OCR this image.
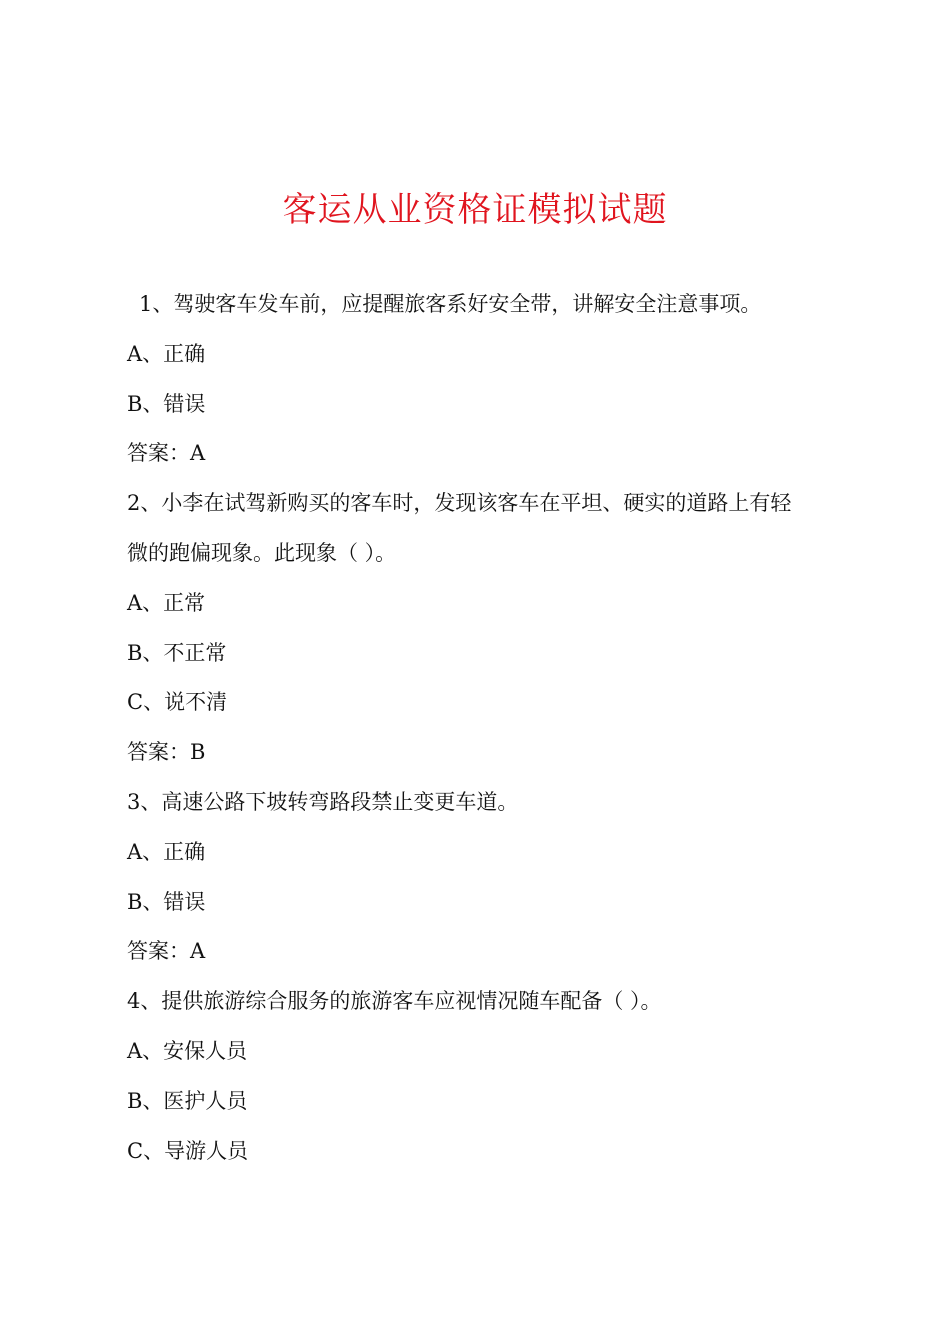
客运从业资格证模拟试题

1、驾驶客车发车前，应提醒旅客系好安全带，讲解安全注意事项。

A、正确

B、错误

答案：A

2、小李在试驾新购买的客车时，发现该客车在平坦、硬实的道路上有轻

微的跑偏现象。此现象（ ）。

A、正常

B、不正常

C、说不清

答案：B

3、高速公路下坡转弯路段禁止变更车道。

A、正确

B、错误

答案：A

4、提供旅游综合服务的旅游客车应视情况随车配备（ ）。

A、安保人员

B、医护人员

C、导游人员
